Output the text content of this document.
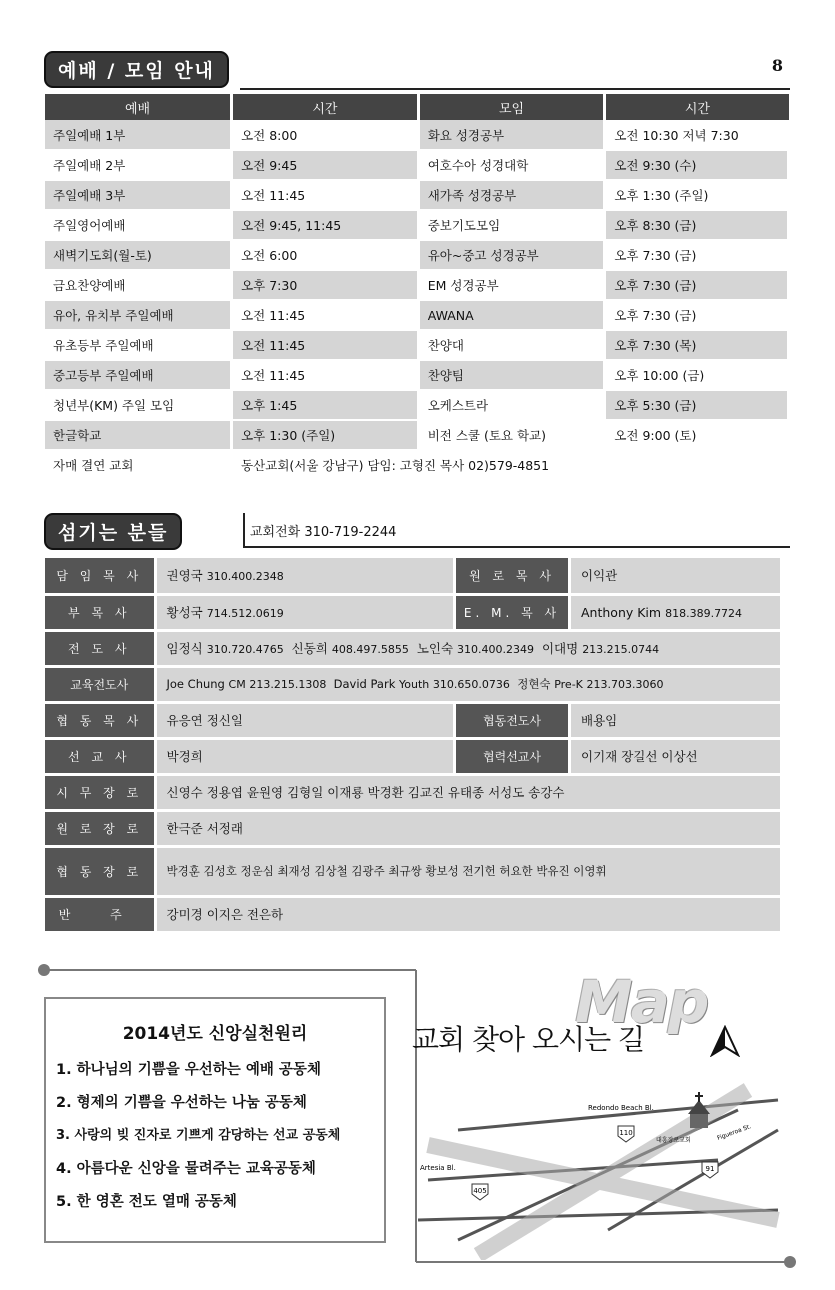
예배 / 모임 안내	8
예배	시간	모임	시간
주일예배 1부	오전 8:00	화요 성경공부	오전 10:30 저녁 7:30
주일예배 2부	오전 9:45	여호수아 성경대학	오전 9:30 (수)
주일예배 3부	오전 11:45	새가족 성경공부	오후 1:30 (주일)
주일영어예배	오전 9:45, 11:45	중보기도모임	오후 8:30 (금)
새벽기도회(월-토)	오전 6:00	유아~중고 성경공부	오후 7:30 (금)
금요찬양예배	오후 7:30	EM 성경공부	오후 7:30 (금)
유아, 유치부 주일예배	오전 11:45	AWANA	오후 7:30 (금)
유초등부 주일예배	오전 11:45	찬양대	오후 7:30 (목)
중고등부 주일예배	오전 11:45	찬양팀	오후 10:00 (금)
청년부(KM) 주일 모임	오후 1:45	오케스트라	오후 5:30 (금)
한글학교	오후 1:30 (주일)	비전 스쿨 (토요 학교)	오전 9:00 (토)
자매 결연 교회	동산교회(서울 강남구) 담임: 고형진 목사 02)579-4851		
섬기는 분들	교회전화 310-719-2244
담 임 목 사	권영국 310.400.2348	원 로 목 사	이익관
부 목 사	황성국 714.512.0619	E. M. 목 사	Anthony Kim 818.389.7724
전 도 사	임정식 310.720.4765 신동희 408.497.5855 노인숙 310.400.2349 이대명 213.215.0744		
교육전도사	Joe Chung CM 213.215.1308 David Park Youth 310.650.0736 정현숙 Pre-K 213.703.3060		
협 동 목 사	유응연 정신일	협동전도사	배용임
선 교 사	박경희	협력선교사	이기재 장길선 이상선
시 무 장 로	신영수 정용엽 윤원영 김형일 이재룡 박경환 김교진 유태종 서성도 송강수		
원 로 장 로	한극준 서정래		
협 동 장 로	박경훈 김성호 정운심 최재성 김상철 김광주 최규쌍 황보성 전기헌 허요한 박유진 이영휘		
반 주	강미경 이지은 전은하		
2014년도 신앙실천원리
1. 하나님의 기쁨을 우선하는 예배 공동체
2. 형제의 기쁨을 우선하는 나눔 공동체
3. 사랑의 빚 진자로 기쁘게 감당하는 선교 공동체
4. 아름다운 신앙을 물려주는 교육공동체
5. 한 영혼 전도 열매 공동체
Map
교회 찾아 오시는 길
Redondo Beach Bl.
Artesia Bl.
Figueroa St.
110
91
405
대흥장로교회
